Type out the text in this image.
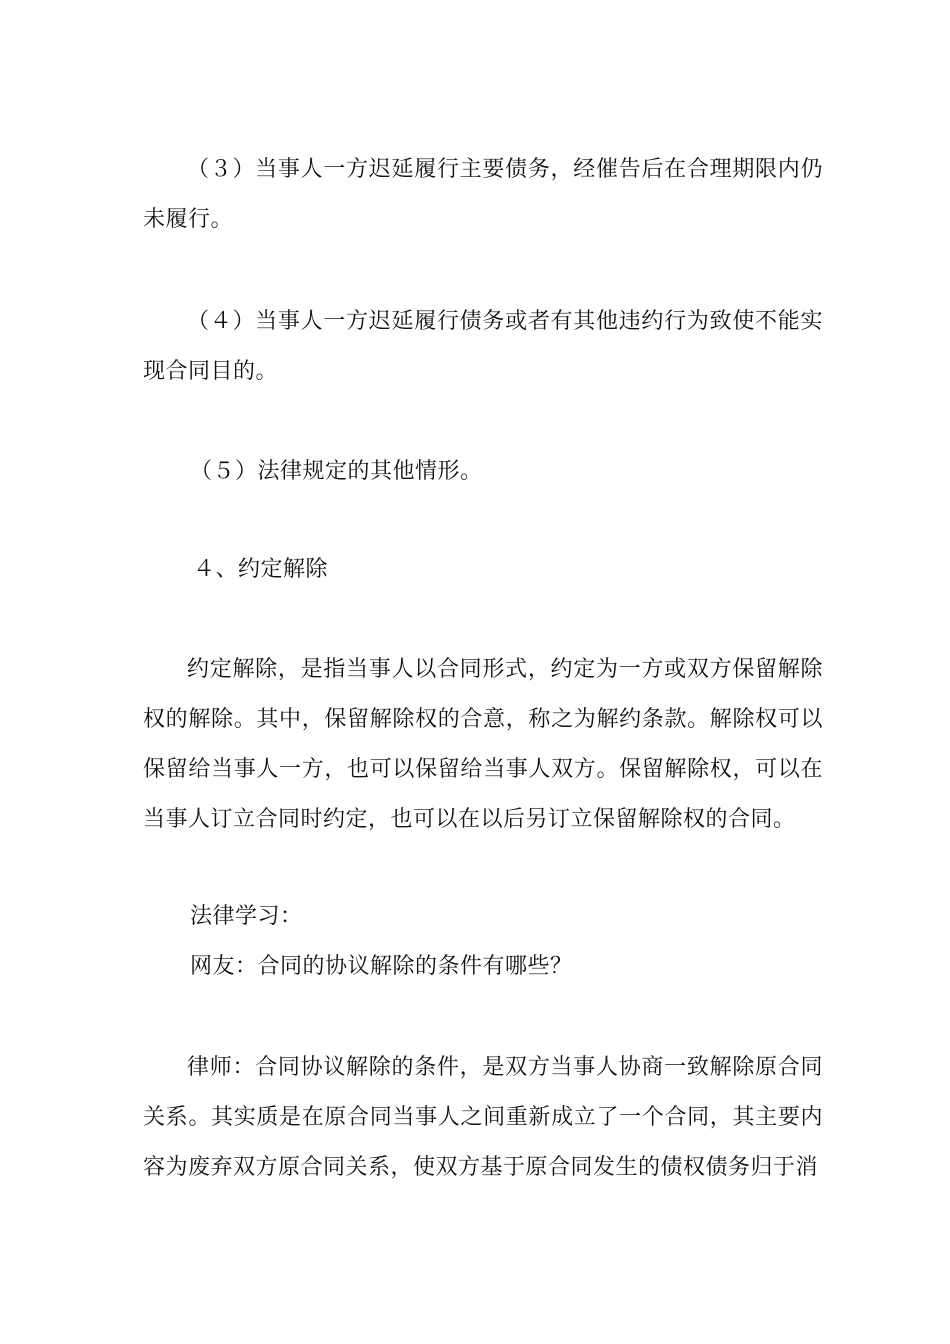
（３）当事人一方迟延履行主要债务，经催告后在合理期限内仍未履行。

（４）当事人一方迟延履行债务或者有其他违约行为致使不能实现合同目的。

（５）法律规定的其他情形。

４、约定解除

约定解除，是指当事人以合同形式，约定为一方或双方保留解除权的解除。其中，保留解除权的合意，称之为解约条款。解除权可以保留给当事人一方，也可以保留给当事人双方。保留解除权，可以在当事人订立合同时约定，也可以在以后另订立保留解除权的合同。

法律学习：

网友：合同的协议解除的条件有哪些？

律师：合同协议解除的条件，是双方当事人协商一致解除原合同关系。其实质是在原合同当事人之间重新成立了一个合同，其主要内容为废弃双方原合同关系，使双方基于原合同发生的债权债务归于消
